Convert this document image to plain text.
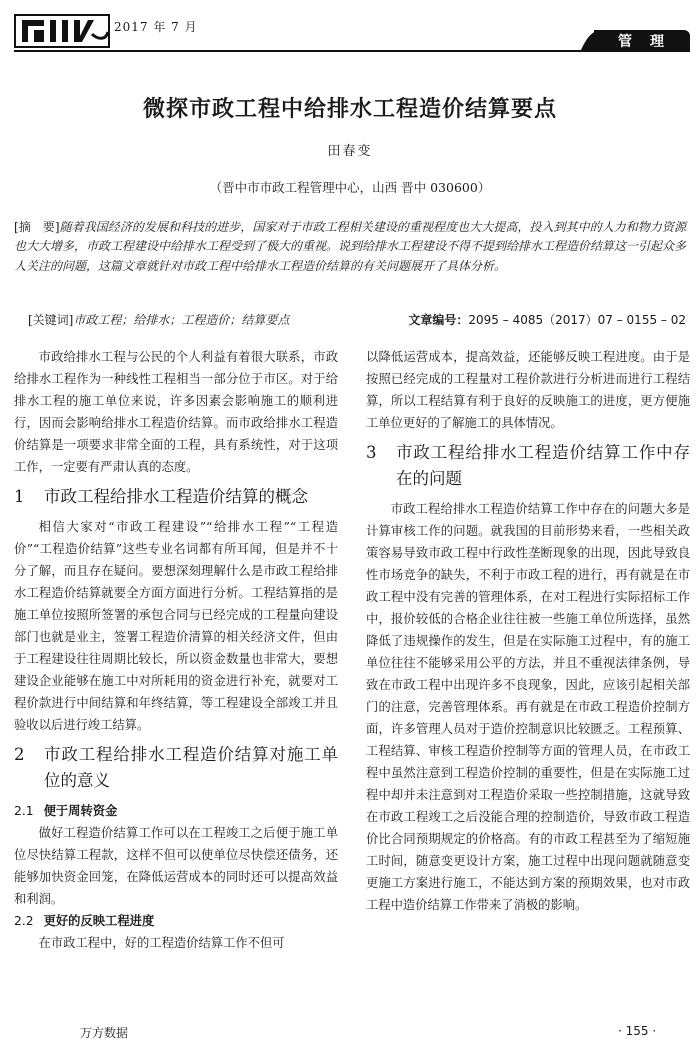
2017 年 7 月
管　理
微探市政工程中给排水工程造价结算要点
田春变
（晋中市市政工程管理中心，山西 晋中 030600）
[摘　要]随着我国经济的发展和科技的进步，国家对于市政工程相关建设的重视程度也大大提高，投入到其中的人力和物力资源也大大增多，市政工程建设中给排水工程受到了极大的重视。说到给排水工程建设不得不提到给排水工程造价结算这一引起众多人关注的问题，这篇文章就针对市政工程中给排水工程造价结算的有关问题展开了具体分析。
[关键词]市政工程；给排水；工程造价；结算要点	文章编号：2095 – 4085（2017）07 – 0155 – 02

市政给排水工程与公民的个人利益有着很大联系，市政给排水工程作为一种线性工程相当一部分位于市区。对于给排水工程的施工单位来说，许多因素会影响施工的顺利进行，因而会影响给排水工程造价结算。而市政给排水工程造价结算是一项要求非常全面的工程，具有系统性，对于这项工作，一定要有严肃认真的态度。

1	市政工程给排水工程造价结算的概念

相信大家对“市政工程建设”“给排水工程”“工程造价”“工程造价结算”这些专业名词都有所耳闻，但是并不十分了解，而且存在疑问。要想深刻理解什么是市政工程给排水工程造价结算就要全方面方面进行分析。工程结算指的是施工单位按照所签署的承包合同与已经完成的工程量向建设部门也就是业主，签署工程造价清算的相关经济文件，但由于工程建设往往周期比较长，所以资金数量也非常大，要想建设企业能够在施工中对所耗用的资金进行补充，就要对工程价款进行中间结算和年终结算，等工程建设全部竣工并且验收以后进行竣工结算。

2	市政工程给排水工程造价结算对施工单位的意义
2.1 便于周转资金

做好工程造价结算工作可以在工程竣工之后便于施工单位尽快结算工程款，这样不但可以使单位尽快偿还债务，还能够加快资金回笼，在降低运营成本的同时还可以提高效益和利润。

2.2 更好的反映工程进度

在市政工程中，好的工程造价结算工作不但可

以降低运营成本，提高效益，还能够反映工程进度。由于是按照已经完成的工程量对工程价款进行分析进而进行工程结算，所以工程结算有利于良好的反映施工的进度，更方便施工单位更好的了解施工的具体情况。

3	市政工程给排水工程造价结算工作中存在的问题

市政工程给排水工程造价结算工作中存在的问题大多是计算审核工作的问题。就我国的目前形势来看，一些相关政策容易导致市政工程中行政性垄断现象的出现，因此导致良性市场竞争的缺失，不利于市政工程的进行，再有就是在市政工程中没有完善的管理体系，在对工程进行实际招标工作中，报价较低的合格企业往往被一些施工单位所选择，虽然降低了违规操作的发生，但是在实际施工过程中，有的施工单位往往不能够采用公平的方法，并且不重视法律条例，导致在市政工程中出现许多不良现象，因此，应该引起相关部门的注意，完善管理体系。再有就是在市政工程造价控制方面，许多管理人员对于造价控制意识比较匮乏。工程预算、工程结算、审核工程造价控制等方面的管理人员，在市政工程中虽然注意到工程造价控制的重要性，但是在实际施工过程中却并未注意到对工程造价采取一些控制措施，这就导致在市政工程竣工之后没能合理的控制造价，导致市政工程造价比合同预期规定的价格高。有的市政工程甚至为了缩短施工时间，随意变更设计方案，施工过程中出现问题就随意变更施工方案进行施工，不能达到方案的预期效果，也对市政工程中造价结算工作带来了消极的影响。

万方数据	· 155 ·
